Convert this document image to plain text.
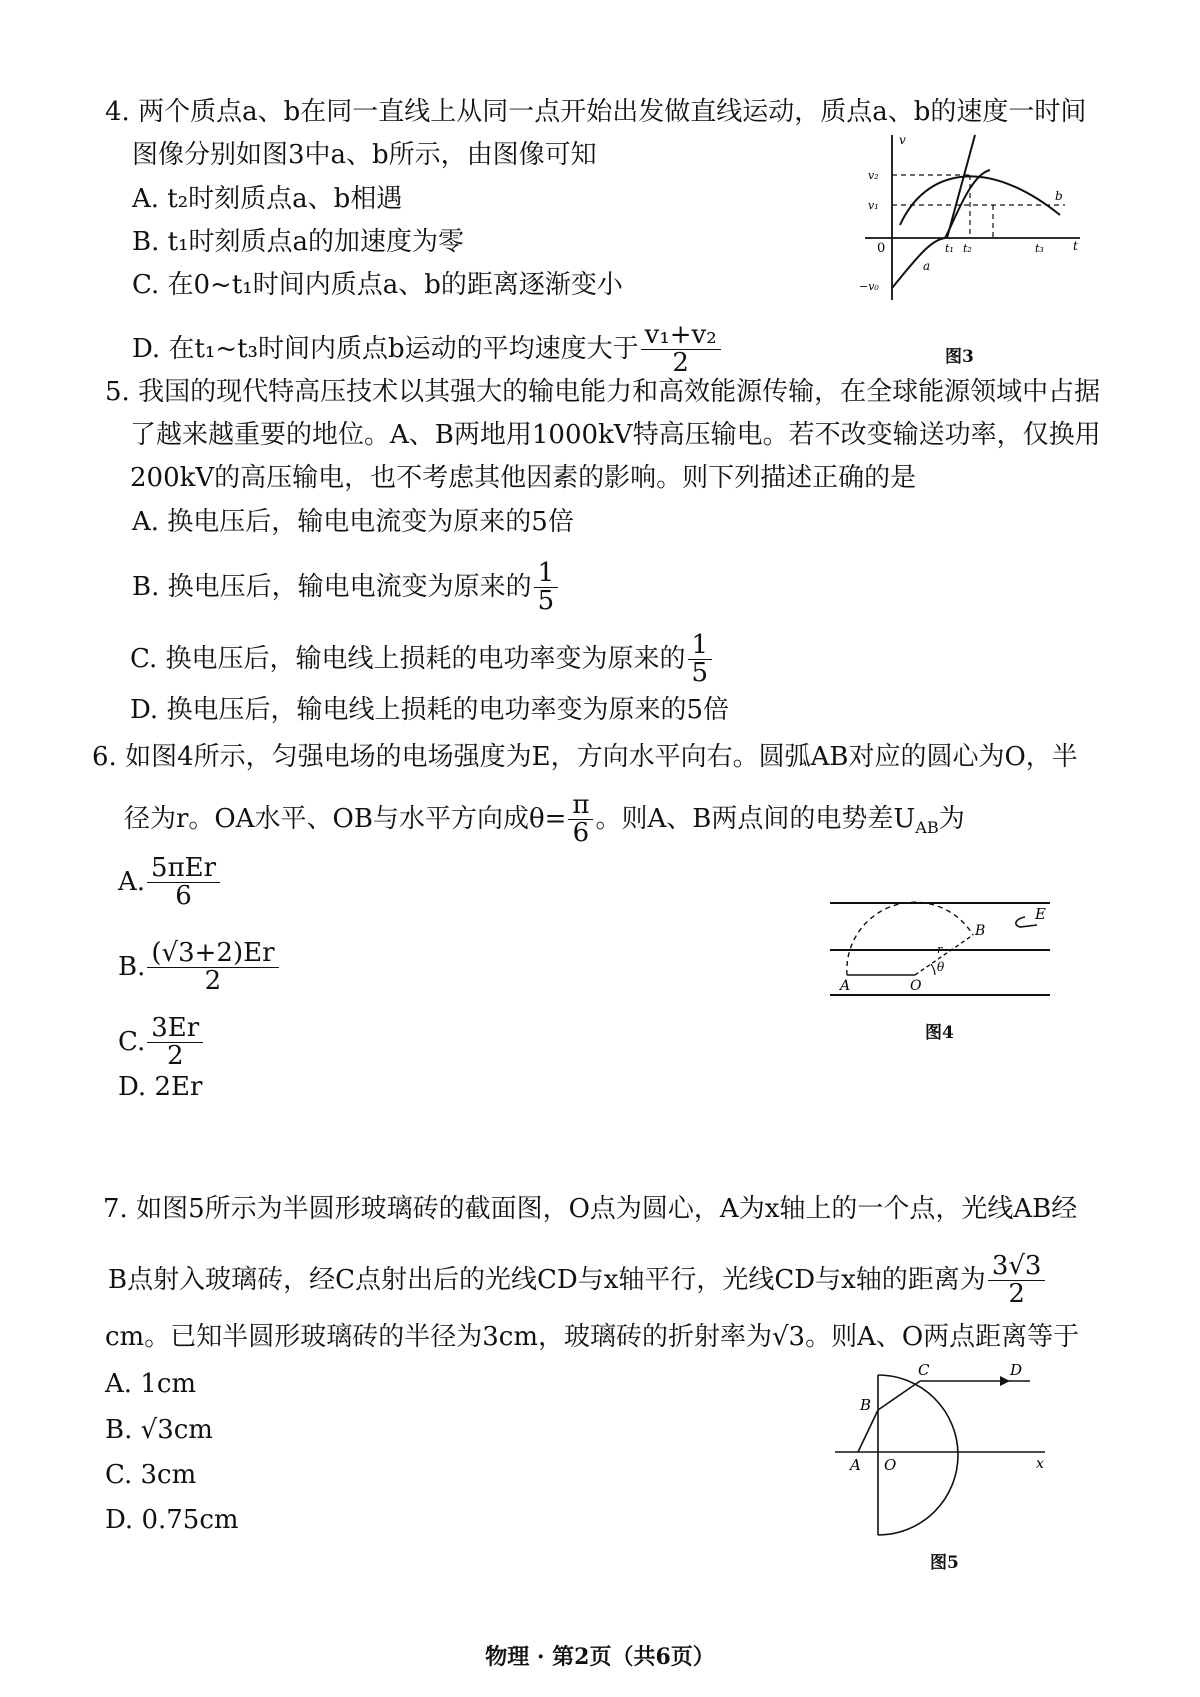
4. 两个质点a、b在同一直线上从同一点开始出发做直线运动，质点a、b的速度一时间
图像分别如图3中a、b所示，由图像可知
A. t₂时刻质点a、b相遇
B. t₁时刻质点a的加速度为零
C. 在0~t₁时间内质点a、b的距离逐渐变小
D. 在t₁~t₃时间内质点b运动的平均速度大于 $\frac{\text{v₁+v₂}}{2}$
v
v₂
v₁
0
−v₀
t₁ t₂	t₃ t
a
b
图3
5. 我国的现代特高压技术以其强大的输电能力和高效能源传输，在全球能源领域中占据
了越来越重要的地位。A、B两地用1000kV特高压输电。若不改变输送功率，仅换用
200kV的高压输电，也不考虑其他因素的影响。则下列描述正确的是
A. 换电压后，输电电流变为原来的5倍
B. 换电压后，输电电流变为原来的 $\frac{1}{5}$
C. 换电压后，输电线上损耗的电功率变为原来的 $\frac{1}{5}$
D. 换电压后，输电线上损耗的电功率变为原来的5倍
6. 如图4所示，匀强电场的电场强度为E，方向水平向右。圆弧AB对应的圆心为O，半
径为r。OA水平、OB与水平方向成$\theta= \frac{\pi}{6}$ 。则A、B两点间的电势差$U_{AB}$为
A. $\frac{\text{5πEr}}{6}$
B. $\frac{(√3+2)Er}{2}$
C. $\frac{3Er}{2}$
D. 2Er
E
B
r
θ
A	O
图4
7. 如图5所示为半圆形玻璃砖的截面图，O点为圆心，A为x轴上的一个点，光线AB经
B点射入玻璃砖，经C点射出后的光线CD与x轴平行，光线CD与x轴的距离为 $\frac{3√3}{2}$
cm。已知半圆形玻璃砖的半径为3cm，玻璃砖的折射率为√3。则A、O两点距离等于
A. 1cm
B. √3cm
C. 3cm
D. 0.75cm
C	D
B
A O	x
图5
物理 · 第2页（共6页）
